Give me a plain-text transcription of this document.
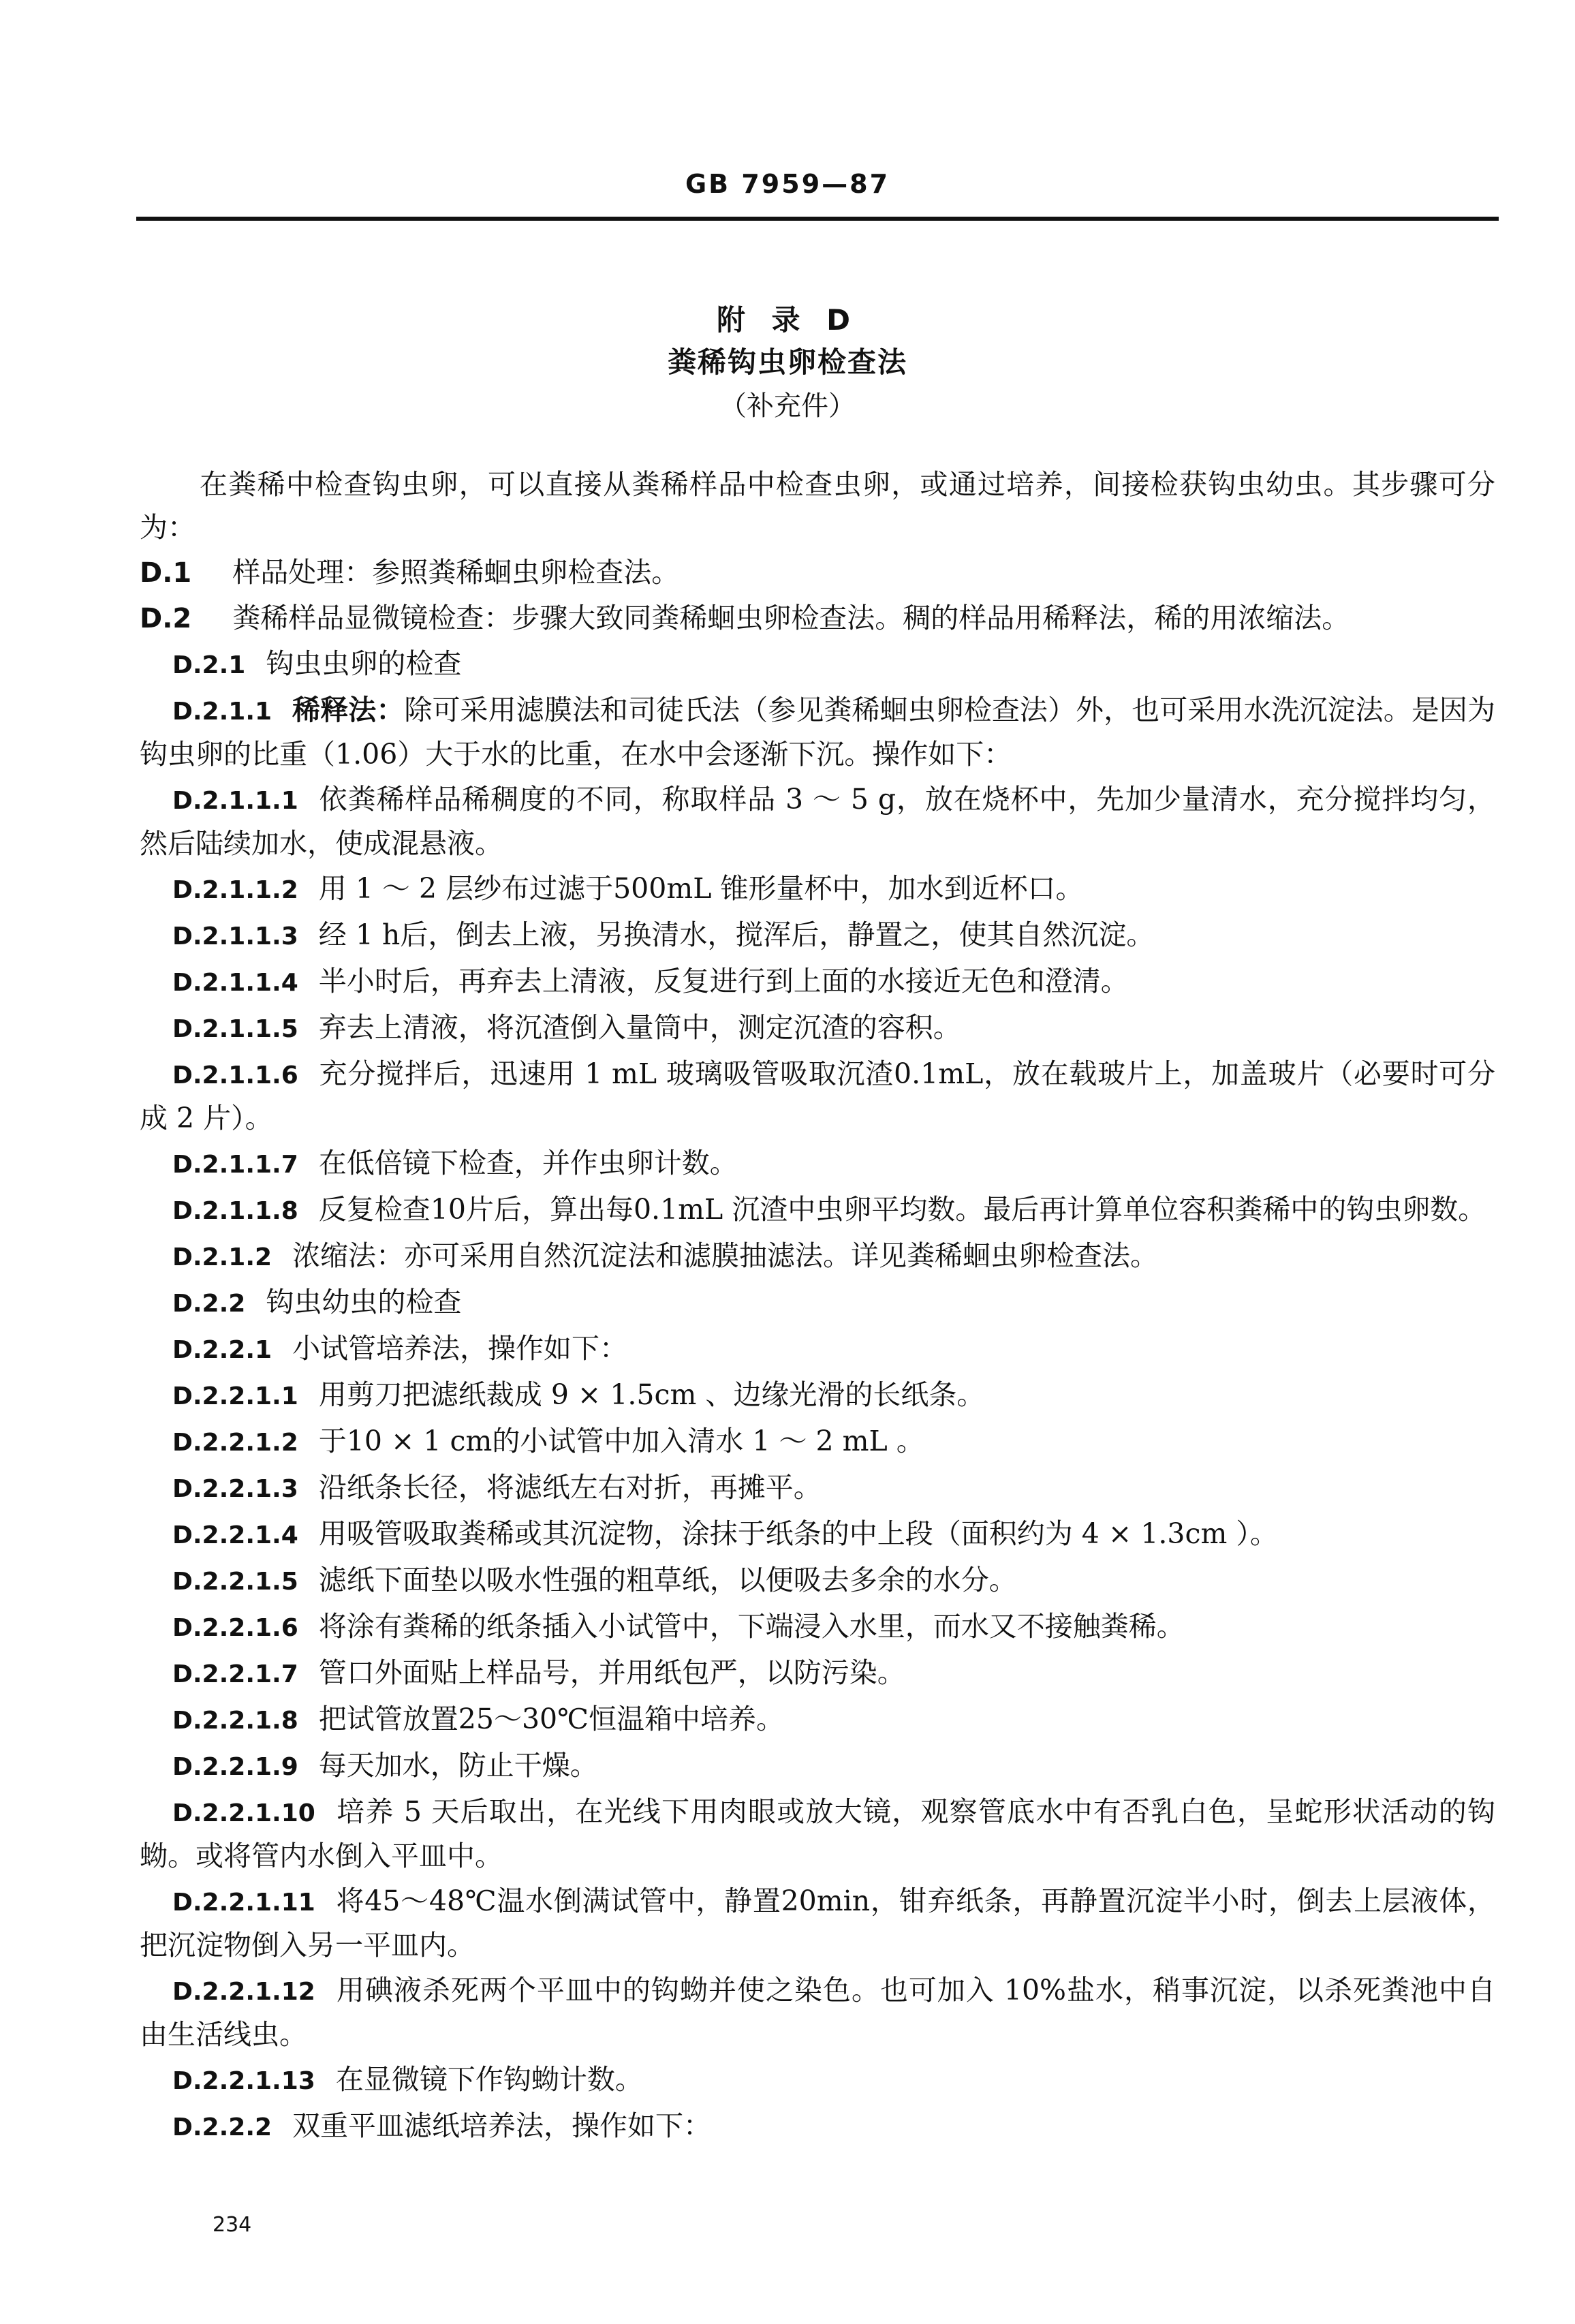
GB 7959—87
附 录 D
粪稀钩虫卵检查法
（补充件）

在粪稀中检查钩虫卵，可以直接从粪稀样品中检查虫卵，或通过培养，间接检获钩虫幼虫。其步骤可分为：

D.1 样品处理：参照粪稀蛔虫卵检查法。

D.2 粪稀样品显微镜检查：步骤大致同粪稀蛔虫卵检查法。稠的样品用稀释法，稀的用浓缩法。

D.2.1 钩虫虫卵的检查

D.2.1.1 稀释法：除可采用滤膜法和司徒氏法（参见粪稀蛔虫卵检查法）外，也可采用水洗沉淀法。是因为钩虫卵的比重（1.06）大于水的比重，在水中会逐渐下沉。操作如下：

D.2.1.1.1 依粪稀样品稀稠度的不同，称取样品 3 ～ 5 g，放在烧杯中，先加少量清水，充分搅拌均匀，然后陆续加水，使成混悬液。

D.2.1.1.2 用 1 ～ 2 层纱布过滤于500mL 锥形量杯中，加水到近杯口。

D.2.1.1.3 经 1 h后，倒去上液，另换清水，搅浑后，静置之，使其自然沉淀。

D.2.1.1.4 半小时后，再弃去上清液，反复进行到上面的水接近无色和澄清。

D.2.1.1.5 弃去上清液，将沉渣倒入量筒中，测定沉渣的容积。

D.2.1.1.6 充分搅拌后，迅速用 1 mL 玻璃吸管吸取沉渣0.1mL，放在载玻片上，加盖玻片（必要时可分成 2 片）。

D.2.1.1.7 在低倍镜下检查，并作虫卵计数。

D.2.1.1.8 反复检查10片后，算出每0.1mL 沉渣中虫卵平均数。最后再计算单位容积粪稀中的钩虫卵数。

D.2.1.2 浓缩法：亦可采用自然沉淀法和滤膜抽滤法。详见粪稀蛔虫卵检查法。

D.2.2 钩虫幼虫的检查

D.2.2.1 小试管培养法，操作如下：

D.2.2.1.1 用剪刀把滤纸裁成 9 × 1.5cm 、边缘光滑的长纸条。

D.2.2.1.2 于10 × 1 cm的小试管中加入清水 1 ～ 2 mL 。

D.2.2.1.3 沿纸条长径，将滤纸左右对折，再摊平。

D.2.2.1.4 用吸管吸取粪稀或其沉淀物，涂抹于纸条的中上段（面积约为 4 × 1.3cm ）。

D.2.2.1.5 滤纸下面垫以吸水性强的粗草纸，以便吸去多余的水分。

D.2.2.1.6 将涂有粪稀的纸条插入小试管中，下端浸入水里，而水又不接触粪稀。

D.2.2.1.7 管口外面贴上样品号，并用纸包严，以防污染。

D.2.2.1.8 把试管放置25～30℃恒温箱中培养。

D.2.2.1.9 每天加水，防止干燥。

D.2.2.1.10 培养 5 天后取出，在光线下用肉眼或放大镜，观察管底水中有否乳白色，呈蛇形状活动的钩蚴。或将管内水倒入平皿中。

D.2.2.1.11 将45～48℃温水倒满试管中，静置20min，钳弃纸条，再静置沉淀半小时，倒去上层液体，把沉淀物倒入另一平皿内。

D.2.2.1.12 用碘液杀死两个平皿中的钩蚴并使之染色。也可加入 10%盐水，稍事沉淀，以杀死粪池中自由生活线虫。

D.2.2.1.13 在显微镜下作钩蚴计数。

D.2.2.2 双重平皿滤纸培养法，操作如下：

234
